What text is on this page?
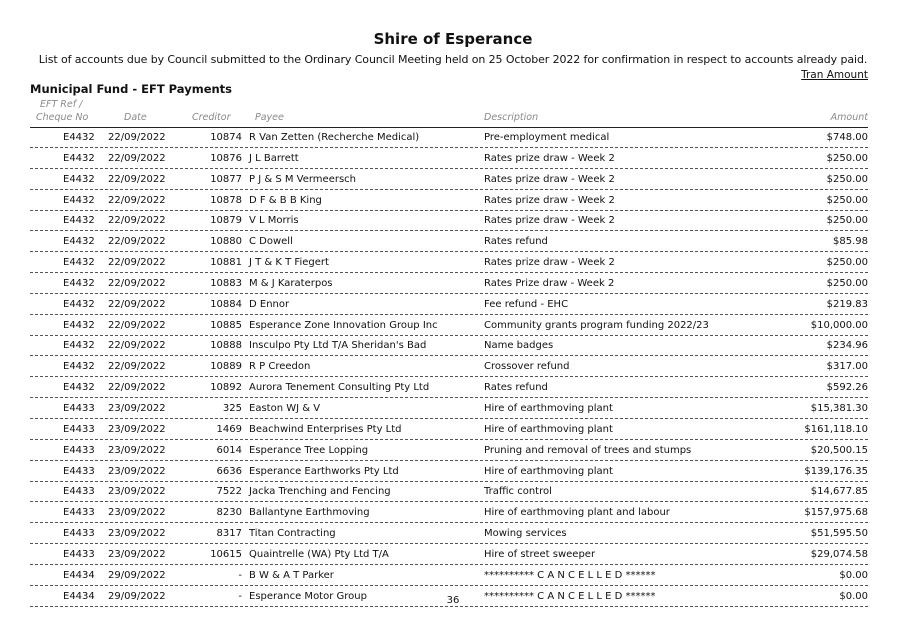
Shire of Esperance
List of accounts due by Council submitted to the Ordinary Council Meeting held on 25 October 2022 for confirmation in respect to accounts already paid.
Tran Amount
Municipal Fund - EFT Payments
EFT Ref /
Cheque No	Date	Creditor	Payee	Description	Amount
E4432 22/09/2022	10874 R Van Zetten (Recherche Medical)	Pre-employment medical	$748.00
E4432 22/09/2022	10876 J L Barrett	Rates prize draw - Week 2	$250.00
E4432 22/09/2022	10877 P J & S M Vermeersch	Rates prize draw - Week 2	$250.00
E4432 22/09/2022	10878 D F & B B King	Rates prize draw - Week 2	$250.00
E4432 22/09/2022	10879 V L Morris	Rates prize draw - Week 2	$250.00
E4432 22/09/2022	10880 C Dowell	Rates refund	$85.98
E4432 22/09/2022	10881 J T & K T Fiegert	Rates prize draw - Week 2	$250.00
E4432 22/09/2022	10883 M & J Karaterpos	Rates Prize draw - Week 2	$250.00
E4432 22/09/2022	10884 D Ennor	Fee refund - EHC	$219.83
E4432 22/09/2022	10885 Esperance Zone Innovation Group Inc	Community grants program funding 2022/23	$10,000.00
E4432 22/09/2022	10888 Insculpo Pty Ltd T/A Sheridan's Bad	Name badges	$234.96
E4432 22/09/2022	10889 R P Creedon	Crossover refund	$317.00
E4432 22/09/2022	10892 Aurora Tenement Consulting Pty Ltd	Rates refund	$592.26
E4433 23/09/2022	325 Easton WJ & V	Hire of earthmoving plant	$15,381.30
E4433 23/09/2022	1469 Beachwind Enterprises Pty Ltd	Hire of earthmoving plant	$161,118.10
E4433 23/09/2022	6014 Esperance Tree Lopping	Pruning and removal of trees and stumps	$20,500.15
E4433 23/09/2022	6636 Esperance Earthworks Pty Ltd	Hire of earthmoving plant	$139,176.35
E4433 23/09/2022	7522 Jacka Trenching and Fencing	Traffic control	$14,677.85
E4433 23/09/2022	8230 Ballantyne Earthmoving	Hire of earthmoving plant and labour	$157,975.68
E4433 23/09/2022	8317 Titan Contracting	Mowing services	$51,595.50
E4433 23/09/2022	10615 Quaintrelle (WA) Pty Ltd T/A	Hire of street sweeper	$29,074.58
E4434 29/09/2022	- B W & A T Parker	********** C A N C E L L E D ******	$0.00
E4434 29/09/2022	- Esperance Motor Group	********** C A N C E L L E D ******	$0.00
36
